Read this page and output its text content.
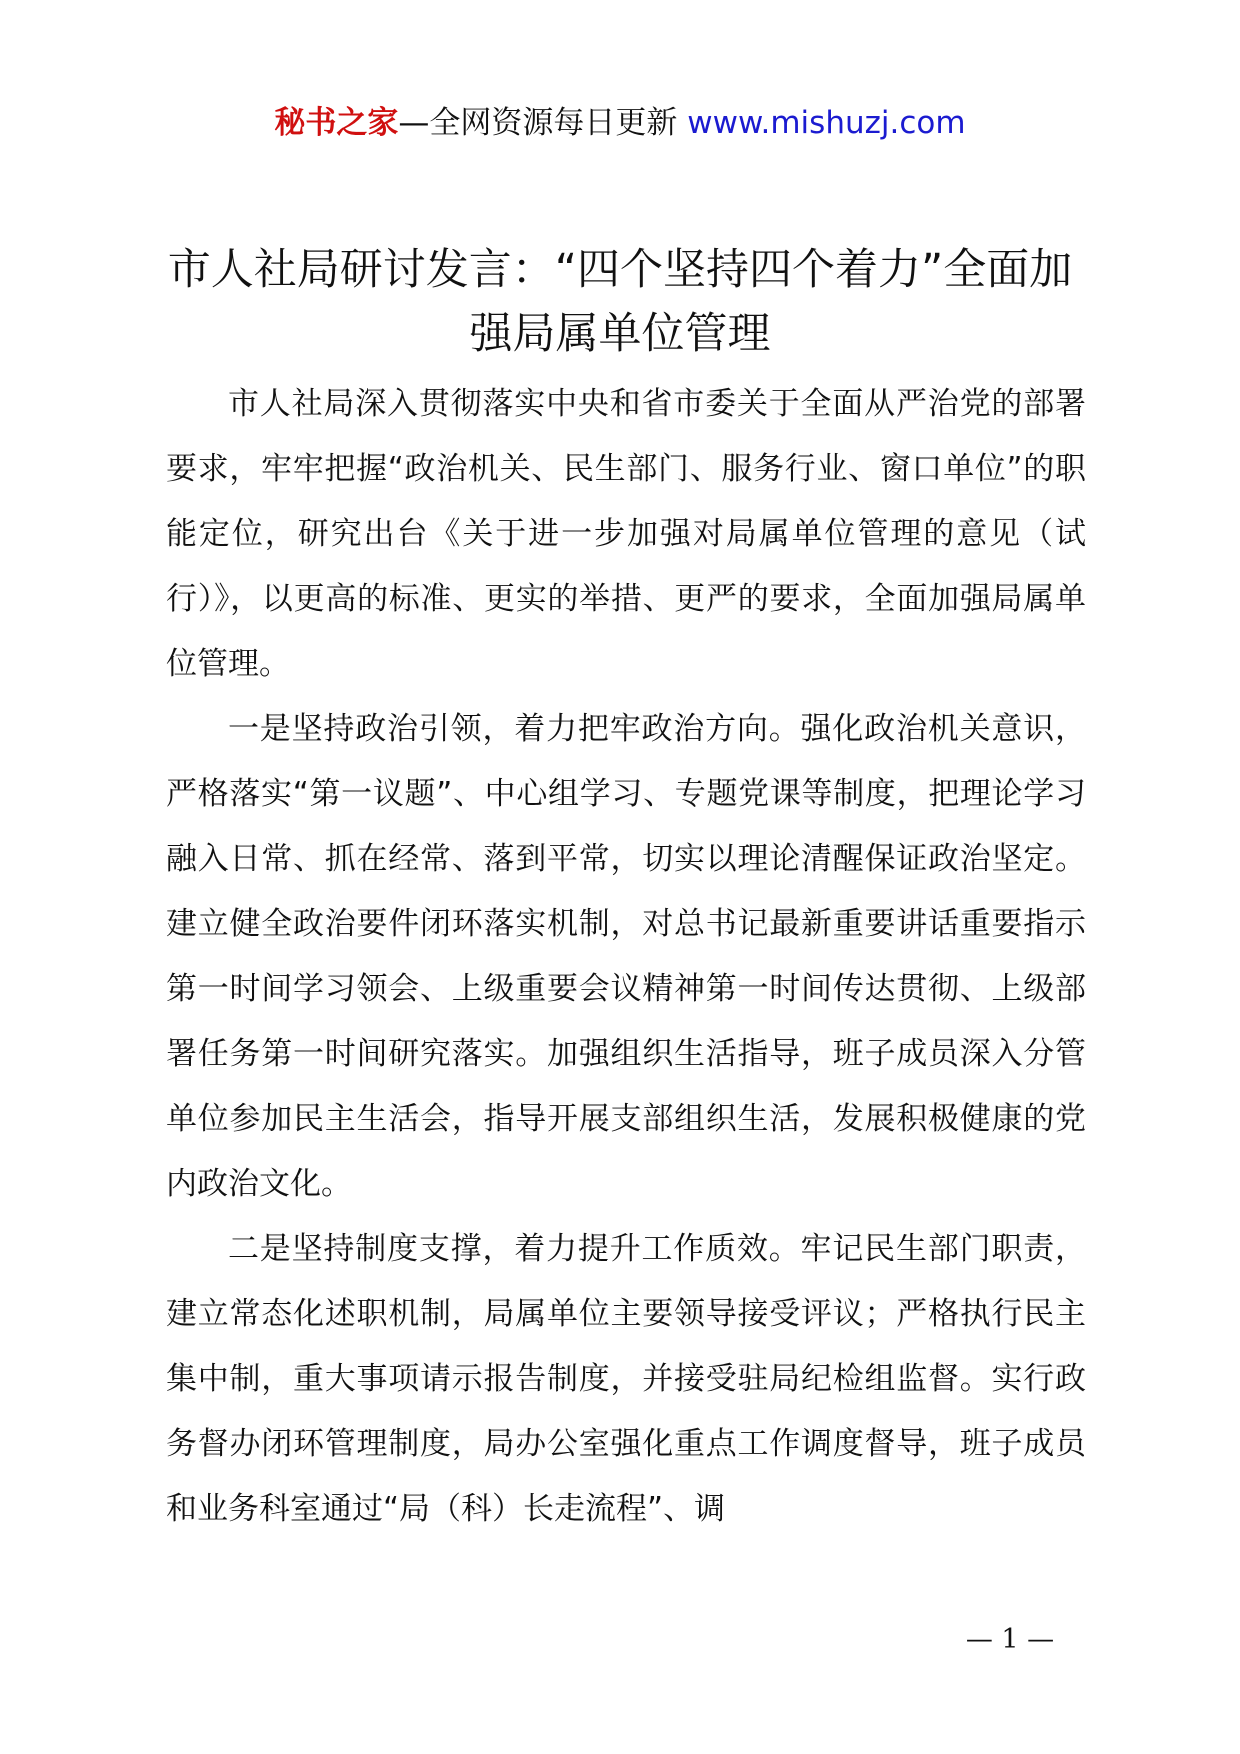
秘书之家—全网资源每日更新 www.mishuzj.com
市人社局研讨发言：“四个坚持四个着力”全面加强局属单位管理

市人社局深入贯彻落实中央和省市委关于全面从严治党的部署要求，牢牢把握“政治机关、民生部门、服务行业、窗口单位”的职能定位，研究出台《关于进一步加强对局属单位管理的意见（试行）》，以更高的标准、更实的举措、更严的要求，全面加强局属单位管理。

一是坚持政治引领，着力把牢政治方向。强化政治机关意识，严格落实“第一议题”、中心组学习、专题党课等制度，把理论学习融入日常、抓在经常、落到平常，切实以理论清醒保证政治坚定。建立健全政治要件闭环落实机制，对总书记最新重要讲话重要指示第一时间学习领会、上级重要会议精神第一时间传达贯彻、上级部署任务第一时间研究落实。加强组织生活指导，班子成员深入分管单位参加民主生活会，指导开展支部组织生活，发展积极健康的党内政治文化。

二是坚持制度支撑，着力提升工作质效。牢记民生部门职责，建立常态化述职机制，局属单位主要领导接受评议；严格执行民主集中制，重大事项请示报告制度，并接受驻局纪检组监督。实行政务督办闭环管理制度，局办公室强化重点工作调度督导，班子成员和业务科室通过“局（科）长走流程”、调

— 1 —
